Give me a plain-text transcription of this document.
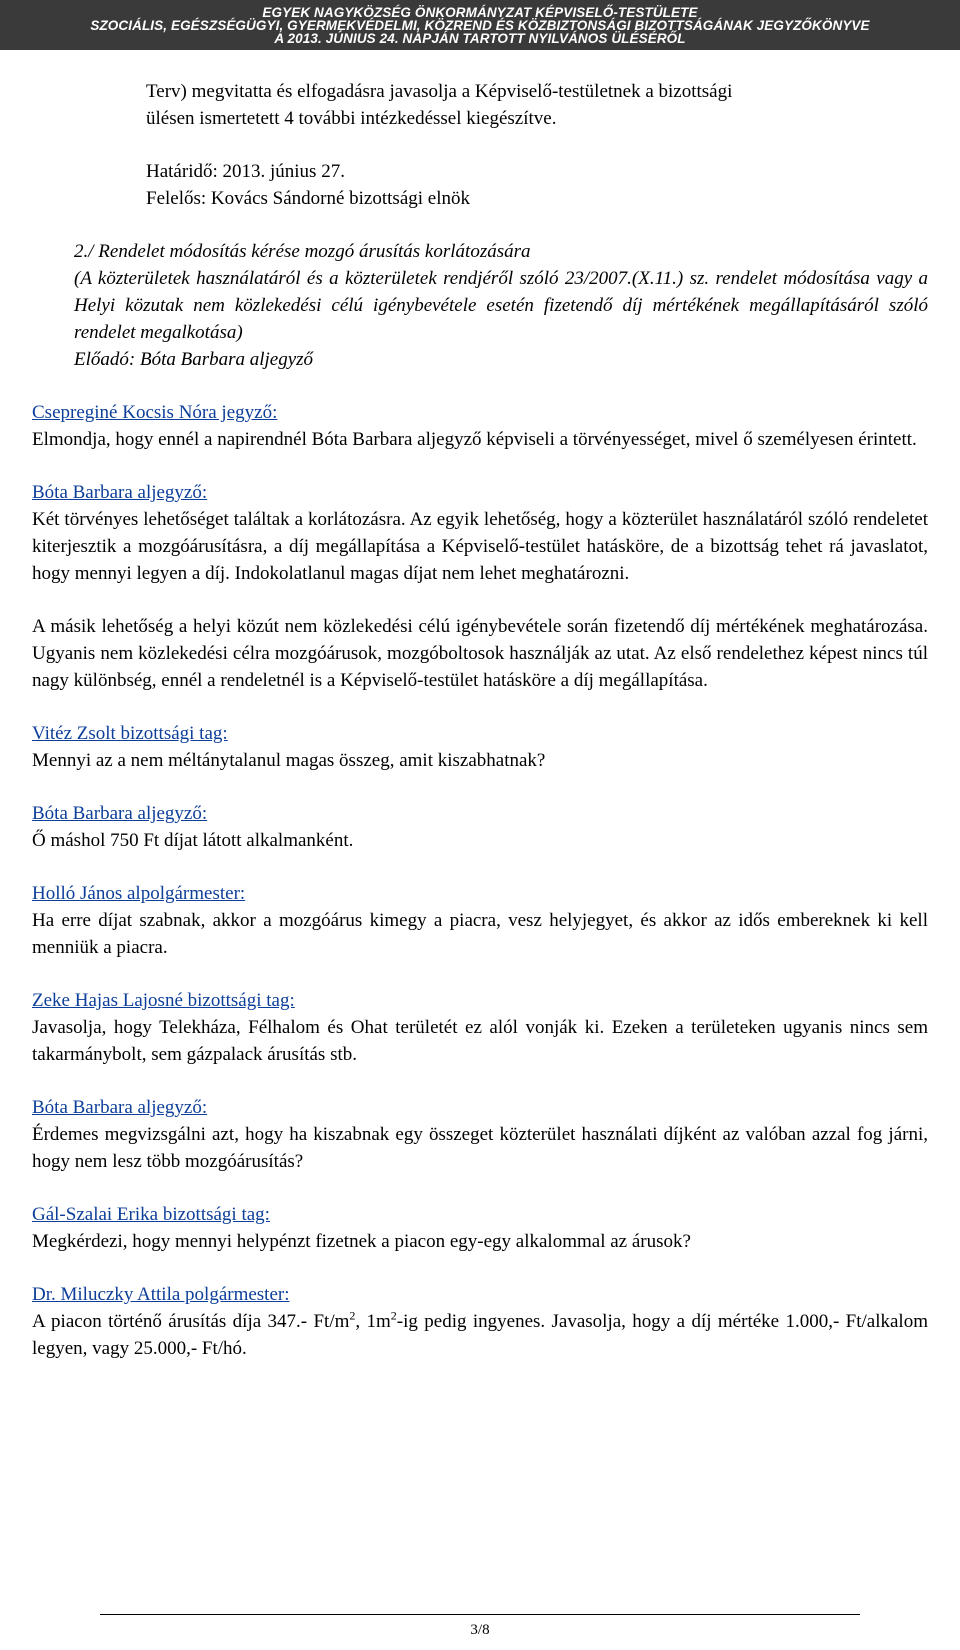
EGYEK NAGYKÖZSÉG ÖNKORMÁNYZAT KÉPVISELŐ-TESTÜLETE
SZOCIÁLIS, EGÉSZSÉGÜGYI, GYERMEKVÉDELMI, KÖZREND ÉS KÖZBIZTONSÁGI BIZOTTSÁGÁNAK JEGYZŐKÖNYVE
A 2013. JÚNIUS 24. NAPJÁN TARTOTT NYILVÁNOS ÜLÉSÉRŐL

Terv) megvitatta és elfogadásra javasolja a Képviselő-testületnek a bizottsági

ülésen ismertetett 4 további intézkedéssel kiegészítve.

Határidő: 2013. június 27.

Felelős: Kovács Sándorné bizottsági elnök

2./ Rendelet módosítás kérése mozgó árusítás korlátozására

(A közterületek használatáról és a közterületek rendjéről szóló 23/2007.(X.11.) sz. rendelet módosítása vagy a Helyi közutak nem közlekedési célú igénybevétele esetén fizetendő díj mértékének megállapításáról szóló rendelet megalkotása)

Előadó: Bóta Barbara aljegyző

Csepreginé Kocsis Nóra jegyző:

Elmondja, hogy ennél a napirendnél Bóta Barbara aljegyző képviseli a törvényességet, mivel ő személyesen érintett.

Bóta Barbara aljegyző:

Két törvényes lehetőséget találtak a korlátozásra. Az egyik lehetőség, hogy a közterület használatáról szóló rendeletet kiterjesztik a mozgóárusításra, a díj megállapítása a Képviselő-testület hatásköre, de a bizottság tehet rá javaslatot, hogy mennyi legyen a díj. Indokolatlanul magas díjat nem lehet meghatározni.

A másik lehetőség a helyi közút nem közlekedési célú igénybevétele során fizetendő díj mértékének meghatározása. Ugyanis nem közlekedési célra mozgóárusok, mozgóboltosok használják az utat. Az első rendelethez képest nincs túl nagy különbség, ennél a rendeletnél is a Képviselő-testület hatásköre a díj megállapítása.

Vitéz Zsolt bizottsági tag:

Mennyi az a nem méltánytalanul magas összeg, amit kiszabhatnak?

Bóta Barbara aljegyző:

Ő máshol 750 Ft díjat látott alkalmanként.

Holló János alpolgármester:

Ha erre díjat szabnak, akkor a mozgóárus kimegy a piacra, vesz helyjegyet, és akkor az idős embereknek ki kell menniük a piacra.

Zeke Hajas Lajosné bizottsági tag:

Javasolja, hogy Telekháza, Félhalom és Ohat területét ez alól vonják ki. Ezeken a területeken ugyanis nincs sem takarmánybolt, sem gázpalack árusítás stb.

Bóta Barbara aljegyző:

Érdemes megvizsgálni azt, hogy ha kiszabnak egy összeget közterület használati díjként az valóban azzal fog járni, hogy nem lesz több mozgóárusítás?

Gál-Szalai Erika bizottsági tag:

Megkérdezi, hogy mennyi helypénzt fizetnek a piacon egy-egy alkalommal az árusok?

Dr. Miluczky Attila polgármester:

A piacon történő árusítás díja 347.- $Ft/m^2$, $1m^2-ig$ pedig ingyenes. Javasolja, hogy a díj mértéke 1.000,- Ft/alkalom legyen, vagy 25.000,- Ft/hó.

3/8
